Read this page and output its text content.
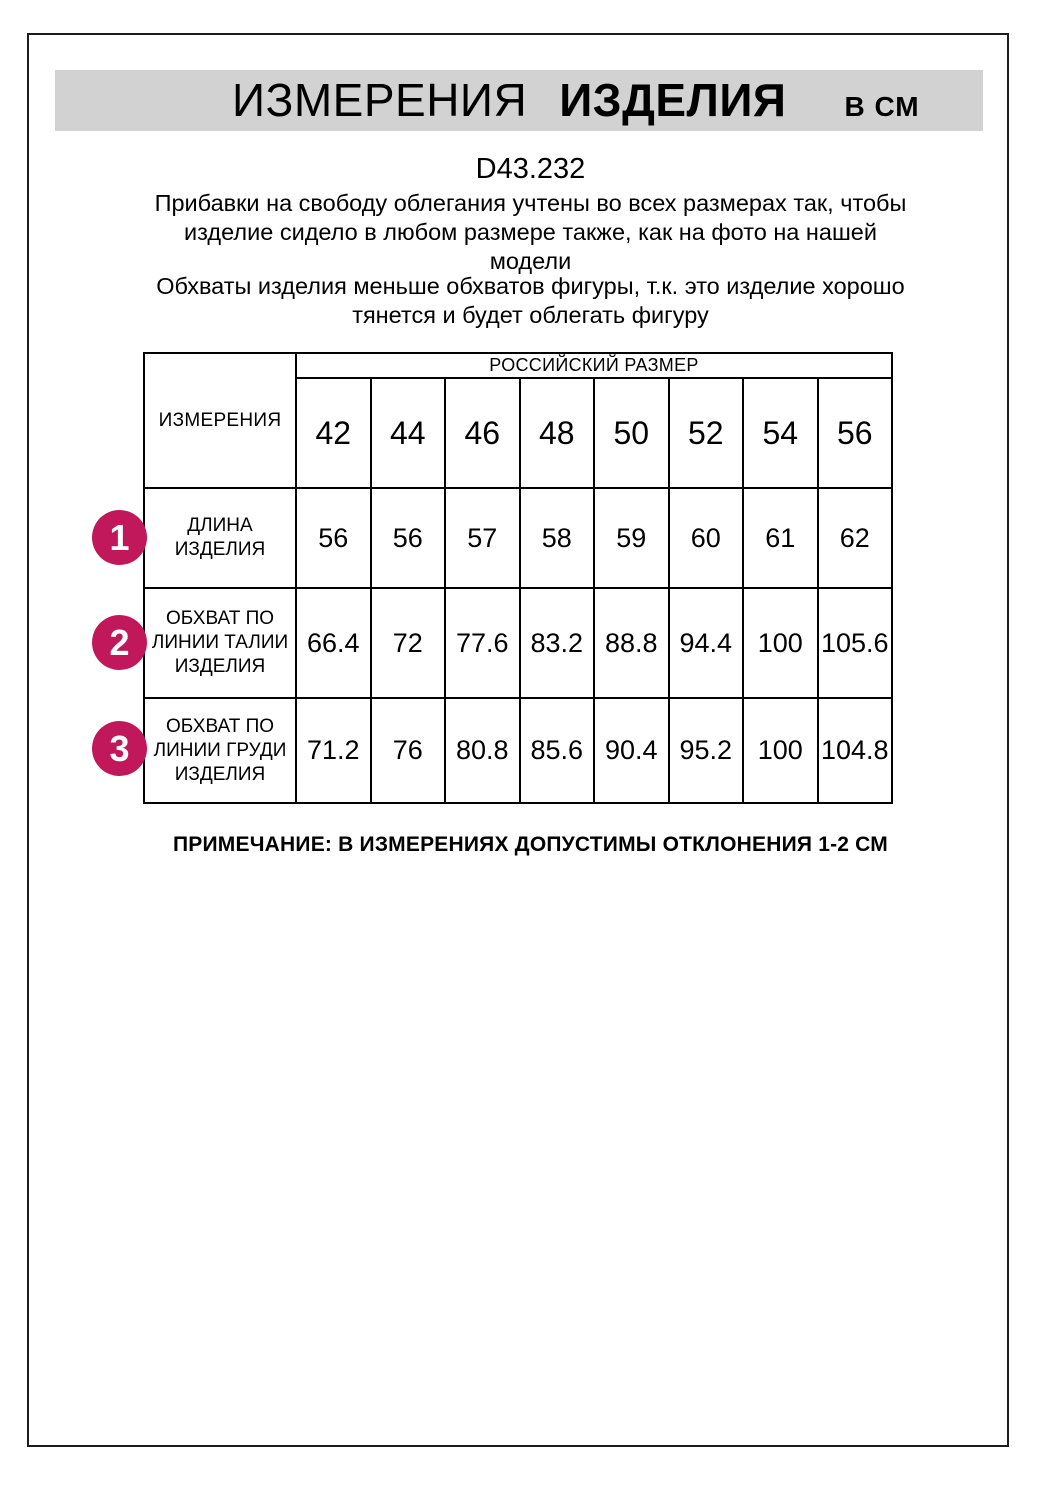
ИЗМЕРЕНИЯ ИЗДЕЛИЯ В СМ
D43.232
Прибавки на свободу облегания учтены во всех размерах так, чтобы
изделие сидело в любом размере также, как на фото на нашей
модели
Обхваты изделия меньше обхватов фигуры, т.к. это изделие хорошо
тянется и будет облегать фигуру
ИЗМЕРЕНИЯ	РОССИЙСКИЙ РАЗМЕР							
	42	44	46	48	50	52	54	56
ДЛИНА ИЗДЕЛИЯ	56	56	57	58	59	60	61	62
ОБХВАТ ПО ЛИНИИ ТАЛИИ ИЗДЕЛИЯ	66.4	72	77.6	83.2	88.8	94.4	100	105.6
ОБХВАТ ПО ЛИНИИ ГРУДИ ИЗДЕЛИЯ	71.2	76	80.8	85.6	90.4	95.2	100	104.8
1
2
3
ПРИМЕЧАНИЕ: В ИЗМЕРЕНИЯХ ДОПУСТИМЫ ОТКЛОНЕНИЯ 1-2 СМ
